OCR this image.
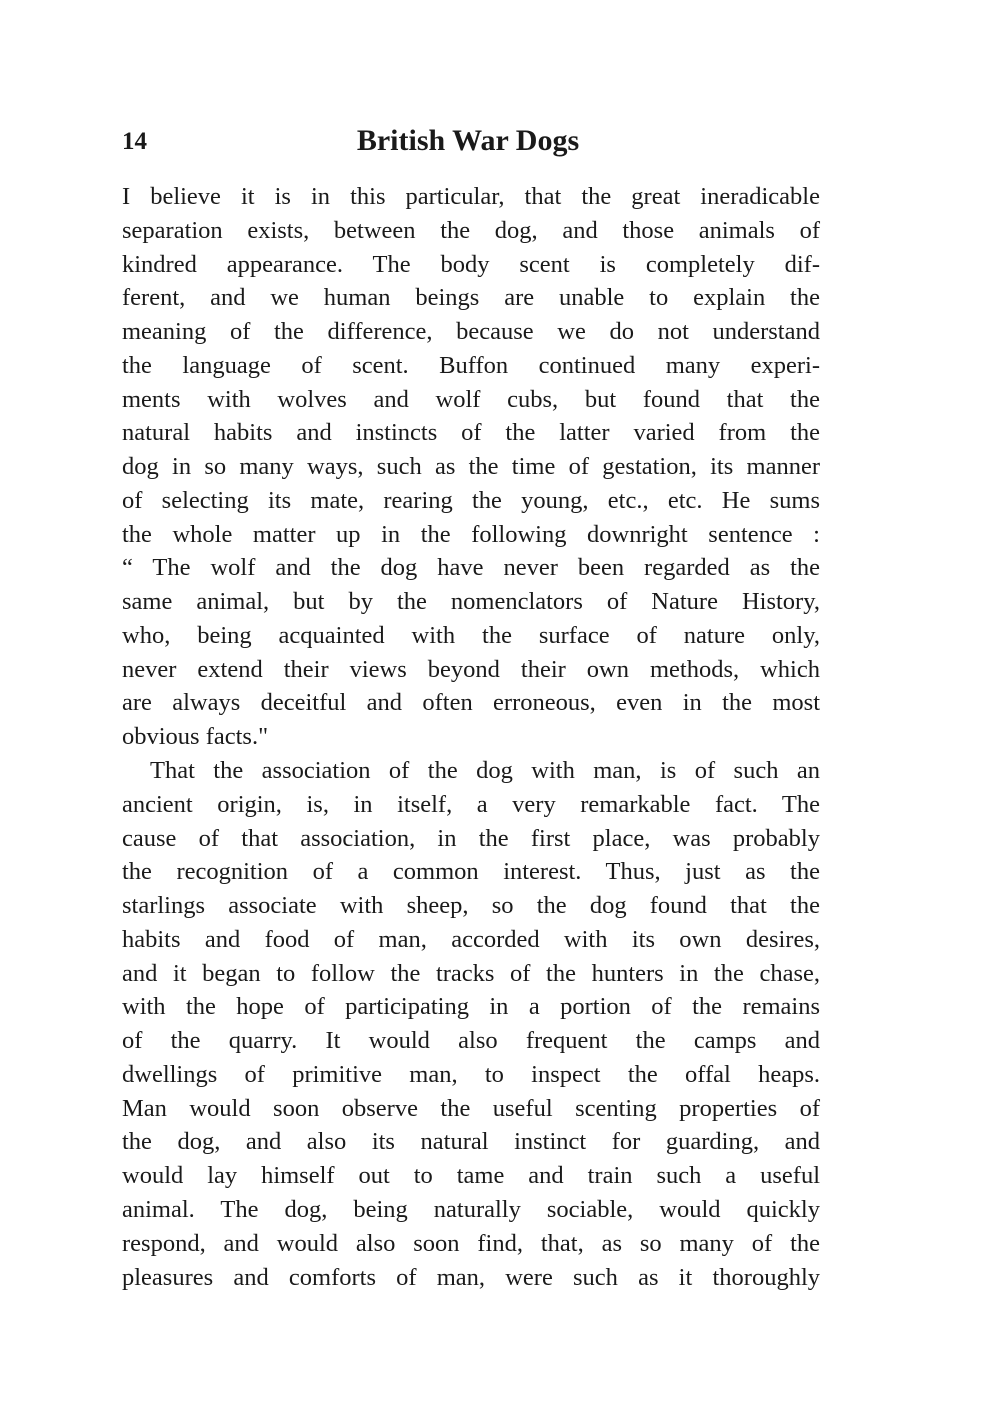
14	British War Dogs
I believe it is in this particular, that the great ineradicable
separation exists, between the dog, and those animals of
kindred appearance. The body scent is completely dif-
ferent, and we human beings are unable to explain the
meaning of the difference, because we do not understand
the language of scent. Buffon continued many experi-
ments with wolves and wolf cubs, but found that the
natural habits and instincts of the latter varied from the
dog in so many ways, such as the time of gestation, its manner
of selecting its mate, rearing the young, etc., etc. He sums
the whole matter up in the following downright sentence :
“ The wolf and the dog have never been regarded as the
same animal, but by the nomenclators of Nature History,
who, being acquainted with the surface of nature only,
never extend their views beyond their own methods, which
are always deceitful and often erroneous, even in the most
obvious facts."
That the association of the dog with man, is of such an
ancient origin, is, in itself, a very remarkable fact. The
cause of that association, in the first place, was probably
the recognition of a common interest. Thus, just as the
starlings associate with sheep, so the dog found that the
habits and food of man, accorded with its own desires,
and it began to follow the tracks of the hunters in the chase,
with the hope of participating in a portion of the remains
of the quarry. It would also frequent the camps and
dwellings of primitive man, to inspect the offal heaps.
Man would soon observe the useful scenting properties of
the dog, and also its natural instinct for guarding, and
would lay himself out to tame and train such a useful
animal. The dog, being naturally sociable, would quickly
respond, and would also soon find, that, as so many of the
pleasures and comforts of man, were such as it thoroughly
